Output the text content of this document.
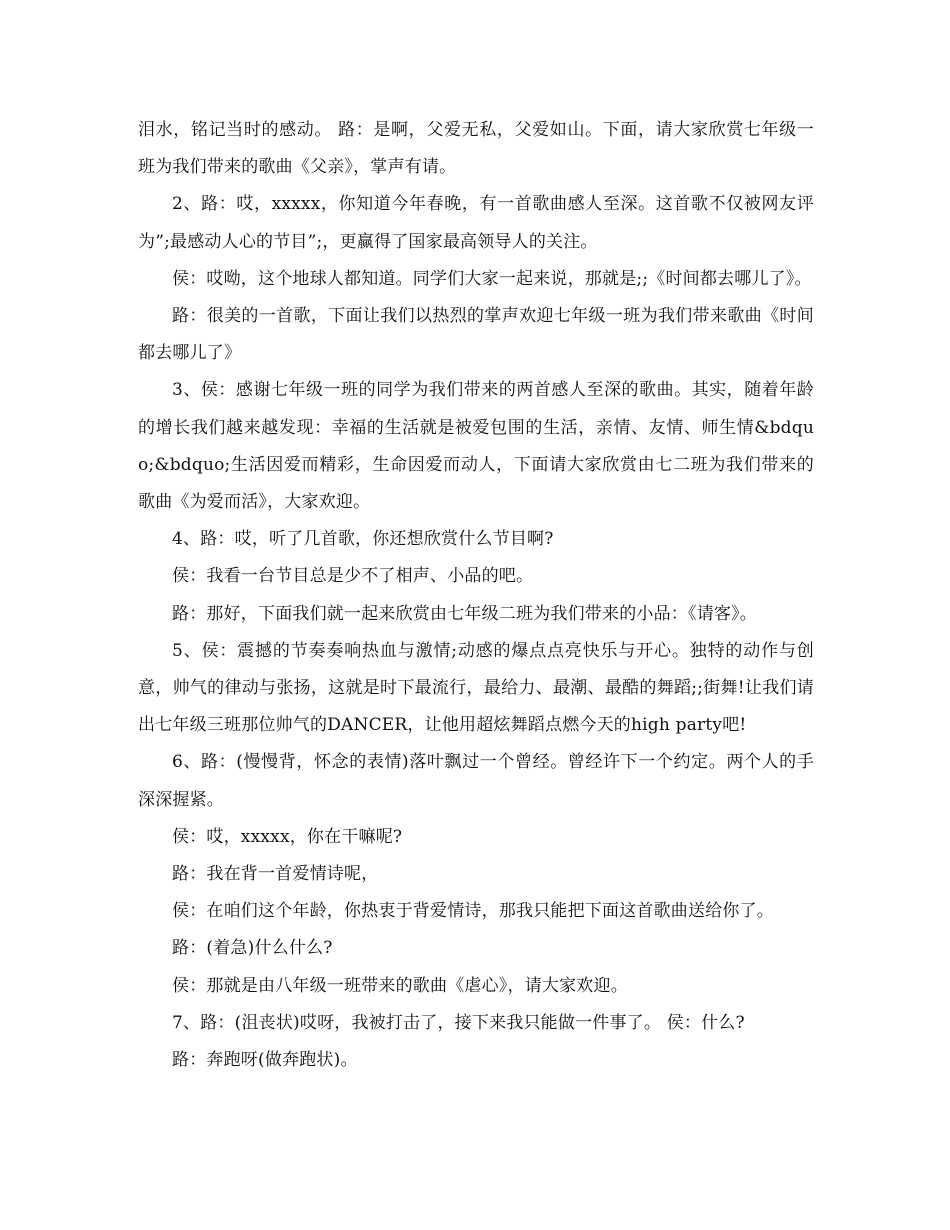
泪水，铭记当时的感动。 路：是啊，父爱无私，父爱如山。下面，请大家欣赏七年级一班为我们带来的歌曲《父亲》，掌声有请。

2、路：哎，xxxxx，你知道今年春晚，有一首歌曲感人至深。这首歌不仅被网友评为”;最感动人心的节目”;，更赢得了国家最高领导人的关注。

侯：哎呦，这个地球人都知道。同学们大家一起来说，那就是;;《时间都去哪儿了》。

路：很美的一首歌，下面让我们以热烈的掌声欢迎七年级一班为我们带来歌曲《时间都去哪儿了》

3、侯：感谢七年级一班的同学为我们带来的两首感人至深的歌曲。其实，随着年龄的增长我们越来越发现：幸福的生活就是被爱包围的生活，亲情、友情、师生情&bdquo;&bdquo;生活因爱而精彩，生命因爱而动人，下面请大家欣赏由七二班为我们带来的歌曲《为爱而活》，大家欢迎。

4、路：哎，听了几首歌，你还想欣赏什么节目啊?

侯：我看一台节目总是少不了相声、小品的吧。

路：那好，下面我们就一起来欣赏由七年级二班为我们带来的小品：《请客》。

5、侯：震撼的节奏奏响热血与激情;动感的爆点点亮快乐与开心。独特的动作与创意，帅气的律动与张扬，这就是时下最流行，最给力、最潮、最酷的舞蹈;;街舞!让我们请出七年级三班那位帅气的DANCER，让他用超炫舞蹈点燃今天的high party吧!

6、路：(慢慢背，怀念的表情)落叶飘过一个曾经。曾经许下一个约定。两个人的手深深握紧。

侯：哎，xxxxx，你在干嘛呢?

路：我在背一首爱情诗呢，

侯：在咱们这个年龄，你热衷于背爱情诗，那我只能把下面这首歌曲送给你了。

路：(着急)什么什么?

侯：那就是由八年级一班带来的歌曲《虐心》，请大家欢迎。

7、路：(沮丧状)哎呀，我被打击了，接下来我只能做一件事了。 侯：什么?

路：奔跑呀(做奔跑状)。
